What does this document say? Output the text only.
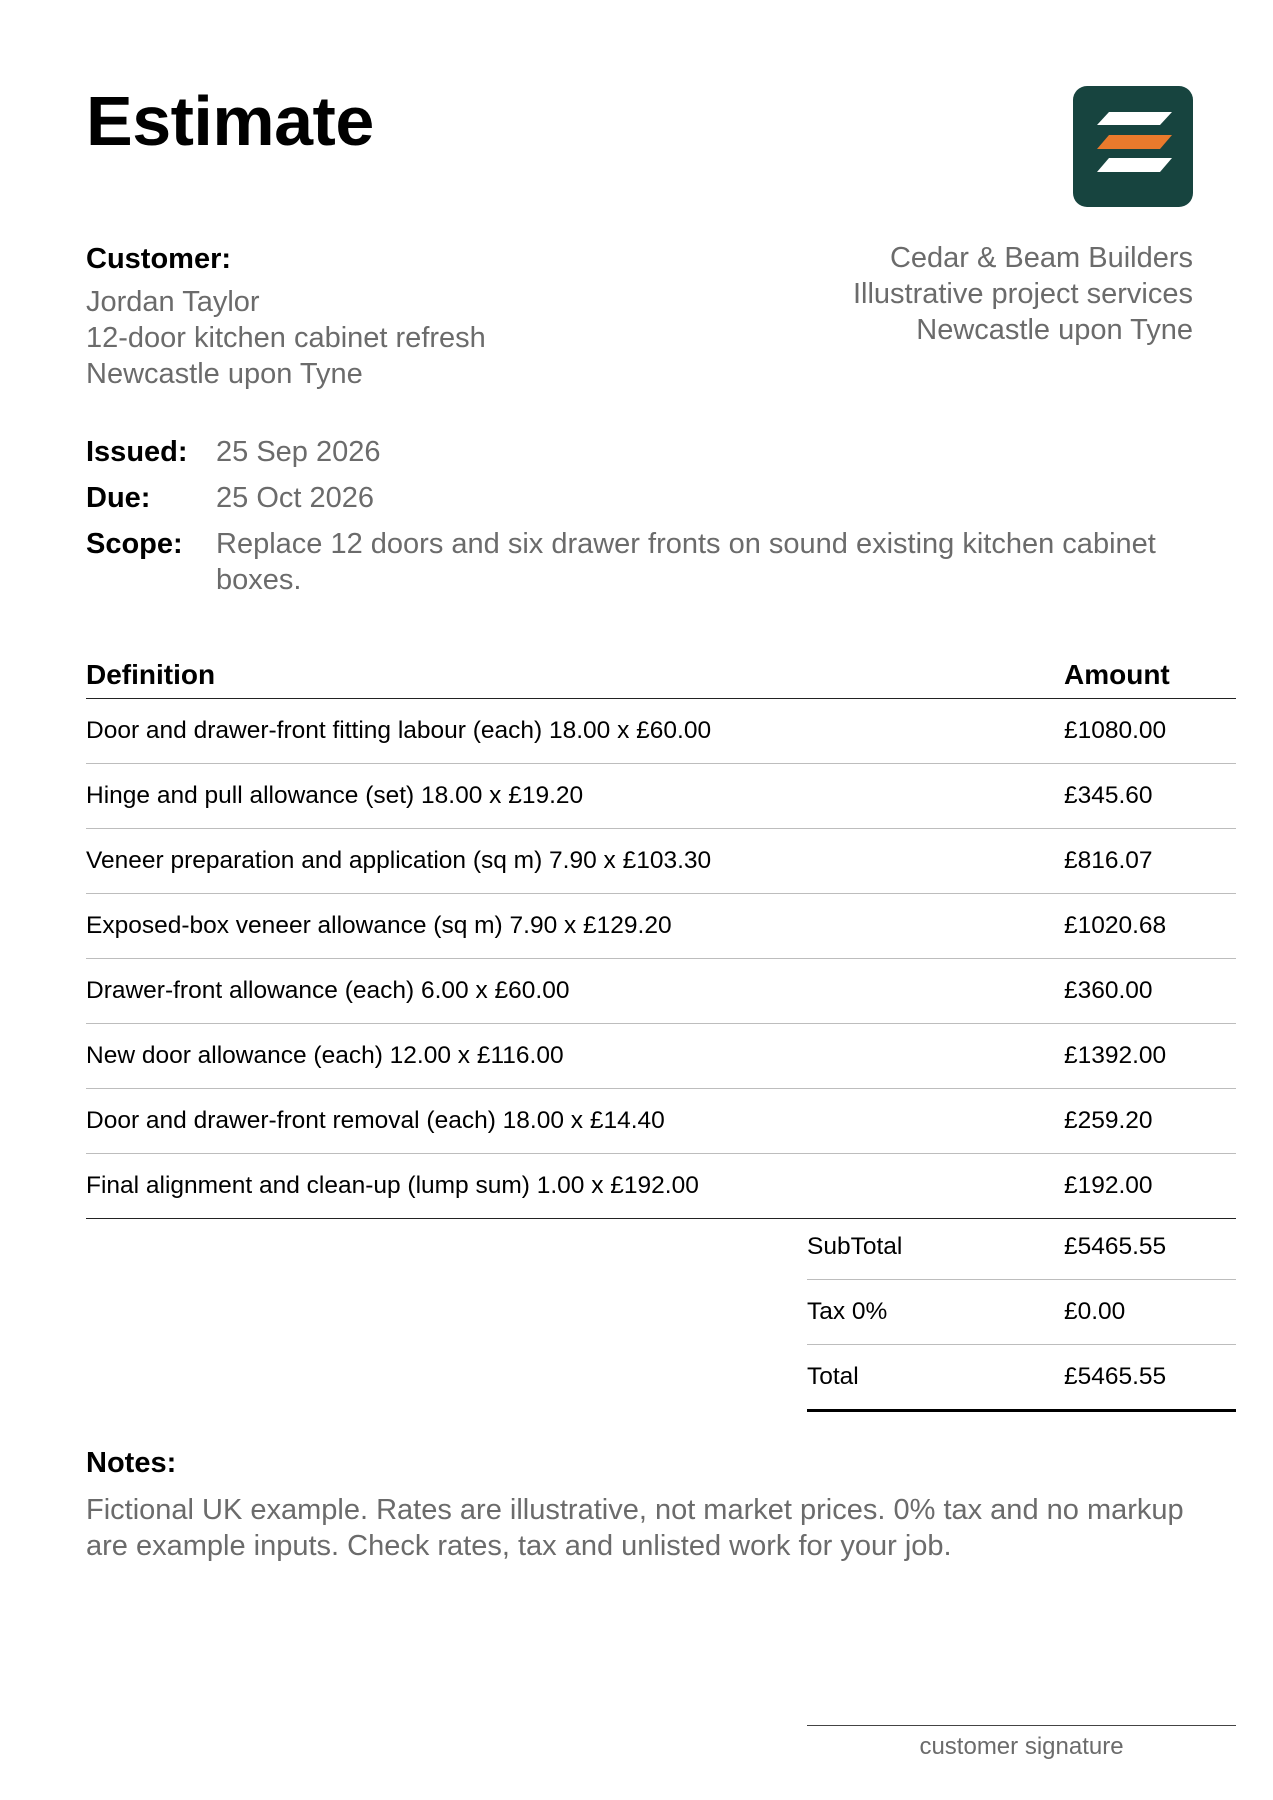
Estimate
Customer:
Jordan Taylor
12-door kitchen cabinet refresh
Newcastle upon Tyne
Cedar & Beam Builders
Illustrative project services
Newcastle upon Tyne
Issued: 25 Sep 2026
Due:	25 Oct 2026
Scope:	Replace 12 doors and six drawer fronts on sound existing kitchen cabinet boxes.
Definition	Amount
Door and drawer-front fitting labour (each) 18.00 x £60.00	£1080.00
Hinge and pull allowance (set) 18.00 x £19.20	£345.60
Veneer preparation and application (sq m) 7.90 x £103.30	£816.07
Exposed-box veneer allowance (sq m) 7.90 x £129.20	£1020.68
Drawer-front allowance (each) 6.00 x £60.00	£360.00
New door allowance (each) 12.00 x £116.00	£1392.00
Door and drawer-front removal (each) 18.00 x £14.40	£259.20
Final alignment and clean-up (lump sum) 1.00 x £192.00	£192.00
SubTotal	£5465.55
Tax 0%	£0.00
Total	£5465.55
Notes:
Fictional UK example. Rates are illustrative, not market prices. 0% tax and no markup are example inputs. Check rates, tax and unlisted work for your job.
customer signature
